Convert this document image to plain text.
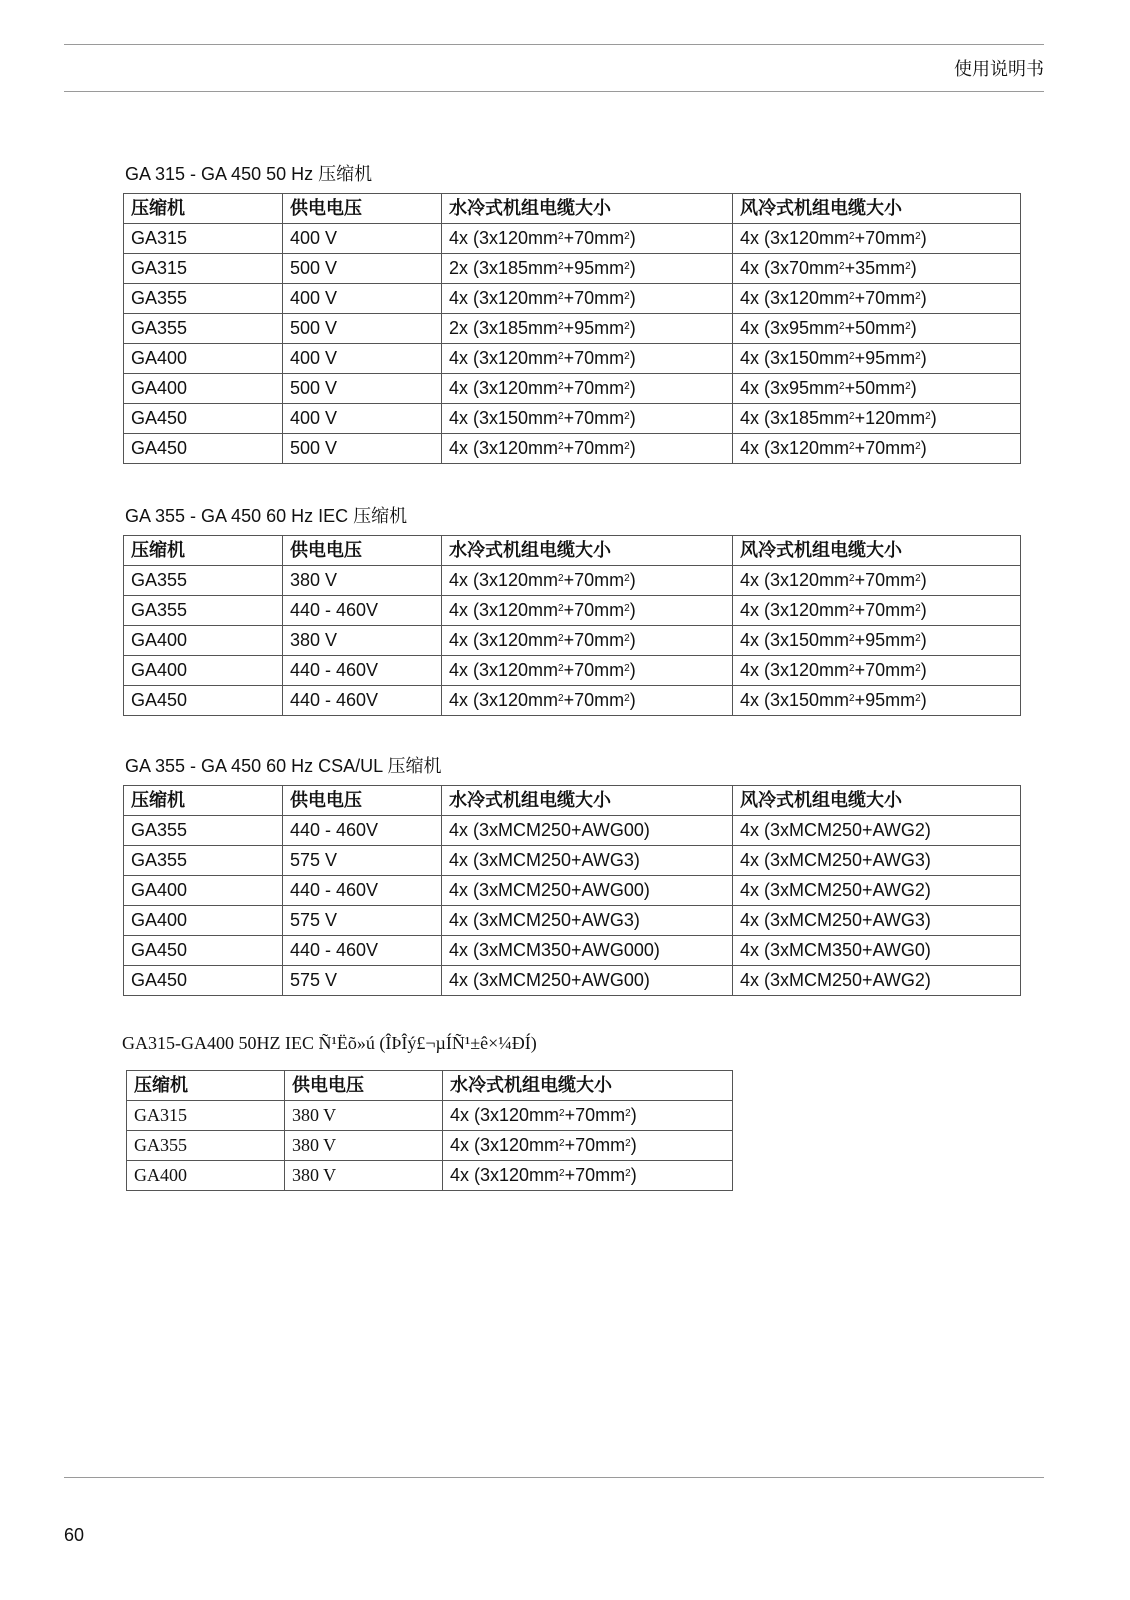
使用说明书
GA 315 - GA 450 50 Hz 压缩机
压缩机	供电电压	水冷式机组电缆大小	风冷式机组电缆大小
GA315	400 V	4x $(3x120mm^2+70mm^2)$	4x $(3x120mm^2+70mm^2)$
GA315	500 V	2x $(3x185mm^2+95mm^2)$	4x $(3x70mm^2+35mm^2)$
GA355	400 V	4x $(3x120mm^2+70mm^2)$	4x $(3x120mm^2+70mm^2)$
GA355	500 V	2x $(3x185mm^2+95mm^2)$	4x $(3x95mm^2+50mm^2)$
GA400	400 V	4x $(3x120mm^2+70mm^2)$	4x $(3x150mm^2+95mm^2)$
GA400	500 V	4x $(3x120mm^2+70mm^2)$	4x $(3x95mm^2+50mm^2)$
GA450	400 V	4x $(3x150mm^2+70mm^2)$	4x $(3x185mm^2+120mm^2)$
GA450	500 V	4x $(3x120mm^2+70mm^2)$	4x $(3x120mm^2+70mm^2)$
GA 355 - GA 450 60 Hz IEC 压缩机
压缩机	供电电压	水冷式机组电缆大小	风冷式机组电缆大小
GA355	380 V	4x $(3x120mm^2+70mm^2)$	4x $(3x120mm^2+70mm^2)$
GA355	440 - 460V	4x $(3x120mm^2+70mm^2)$	4x $(3x120mm^2+70mm^2)$
GA400	380 V	4x $(3x120mm^2+70mm^2)$	4x $(3x150mm^2+95mm^2)$
GA400	440 - 460V	4x $(3x120mm^2+70mm^2)$	4x $(3x120mm^2+70mm^2)$
GA450	440 - 460V	4x $(3x120mm^2+70mm^2)$	4x $(3x150mm^2+95mm^2)$
GA 355 - GA 450 60 Hz CSA/UL 压缩机
压缩机	供电电压	水冷式机组电缆大小	风冷式机组电缆大小
GA355	440 - 460V	4x (3xMCM250+AWG00)	4x (3xMCM250+AWG2)
GA355	575 V	4x (3xMCM250+AWG3)	4x (3xMCM250+AWG3)
GA400	440 - 460V	4x (3xMCM250+AWG00)	4x (3xMCM250+AWG2)
GA400	575 V	4x (3xMCM250+AWG3)	4x (3xMCM250+AWG3)
GA450	440 - 460V	4x (3xMCM350+AWG000)	4x (3xMCM350+AWG0)
GA450	575 V	4x (3xMCM250+AWG00)	4x (3xMCM250+AWG2)
GA315-GA400 50HZ IEC Ñ¹Ëõ»ú (ÎÞÎý£¬µÍÑ¹±ê×¼ÐÍ)
压缩机	供电电压	水冷式机组电缆大小
GA315	380 V	4x $(3x120mm^2+70mm^2)$
GA355	380 V	4x $(3x120mm^2+70mm^2)$
GA400	380 V	4x $(3x120mm^2+70mm^2)$
60
